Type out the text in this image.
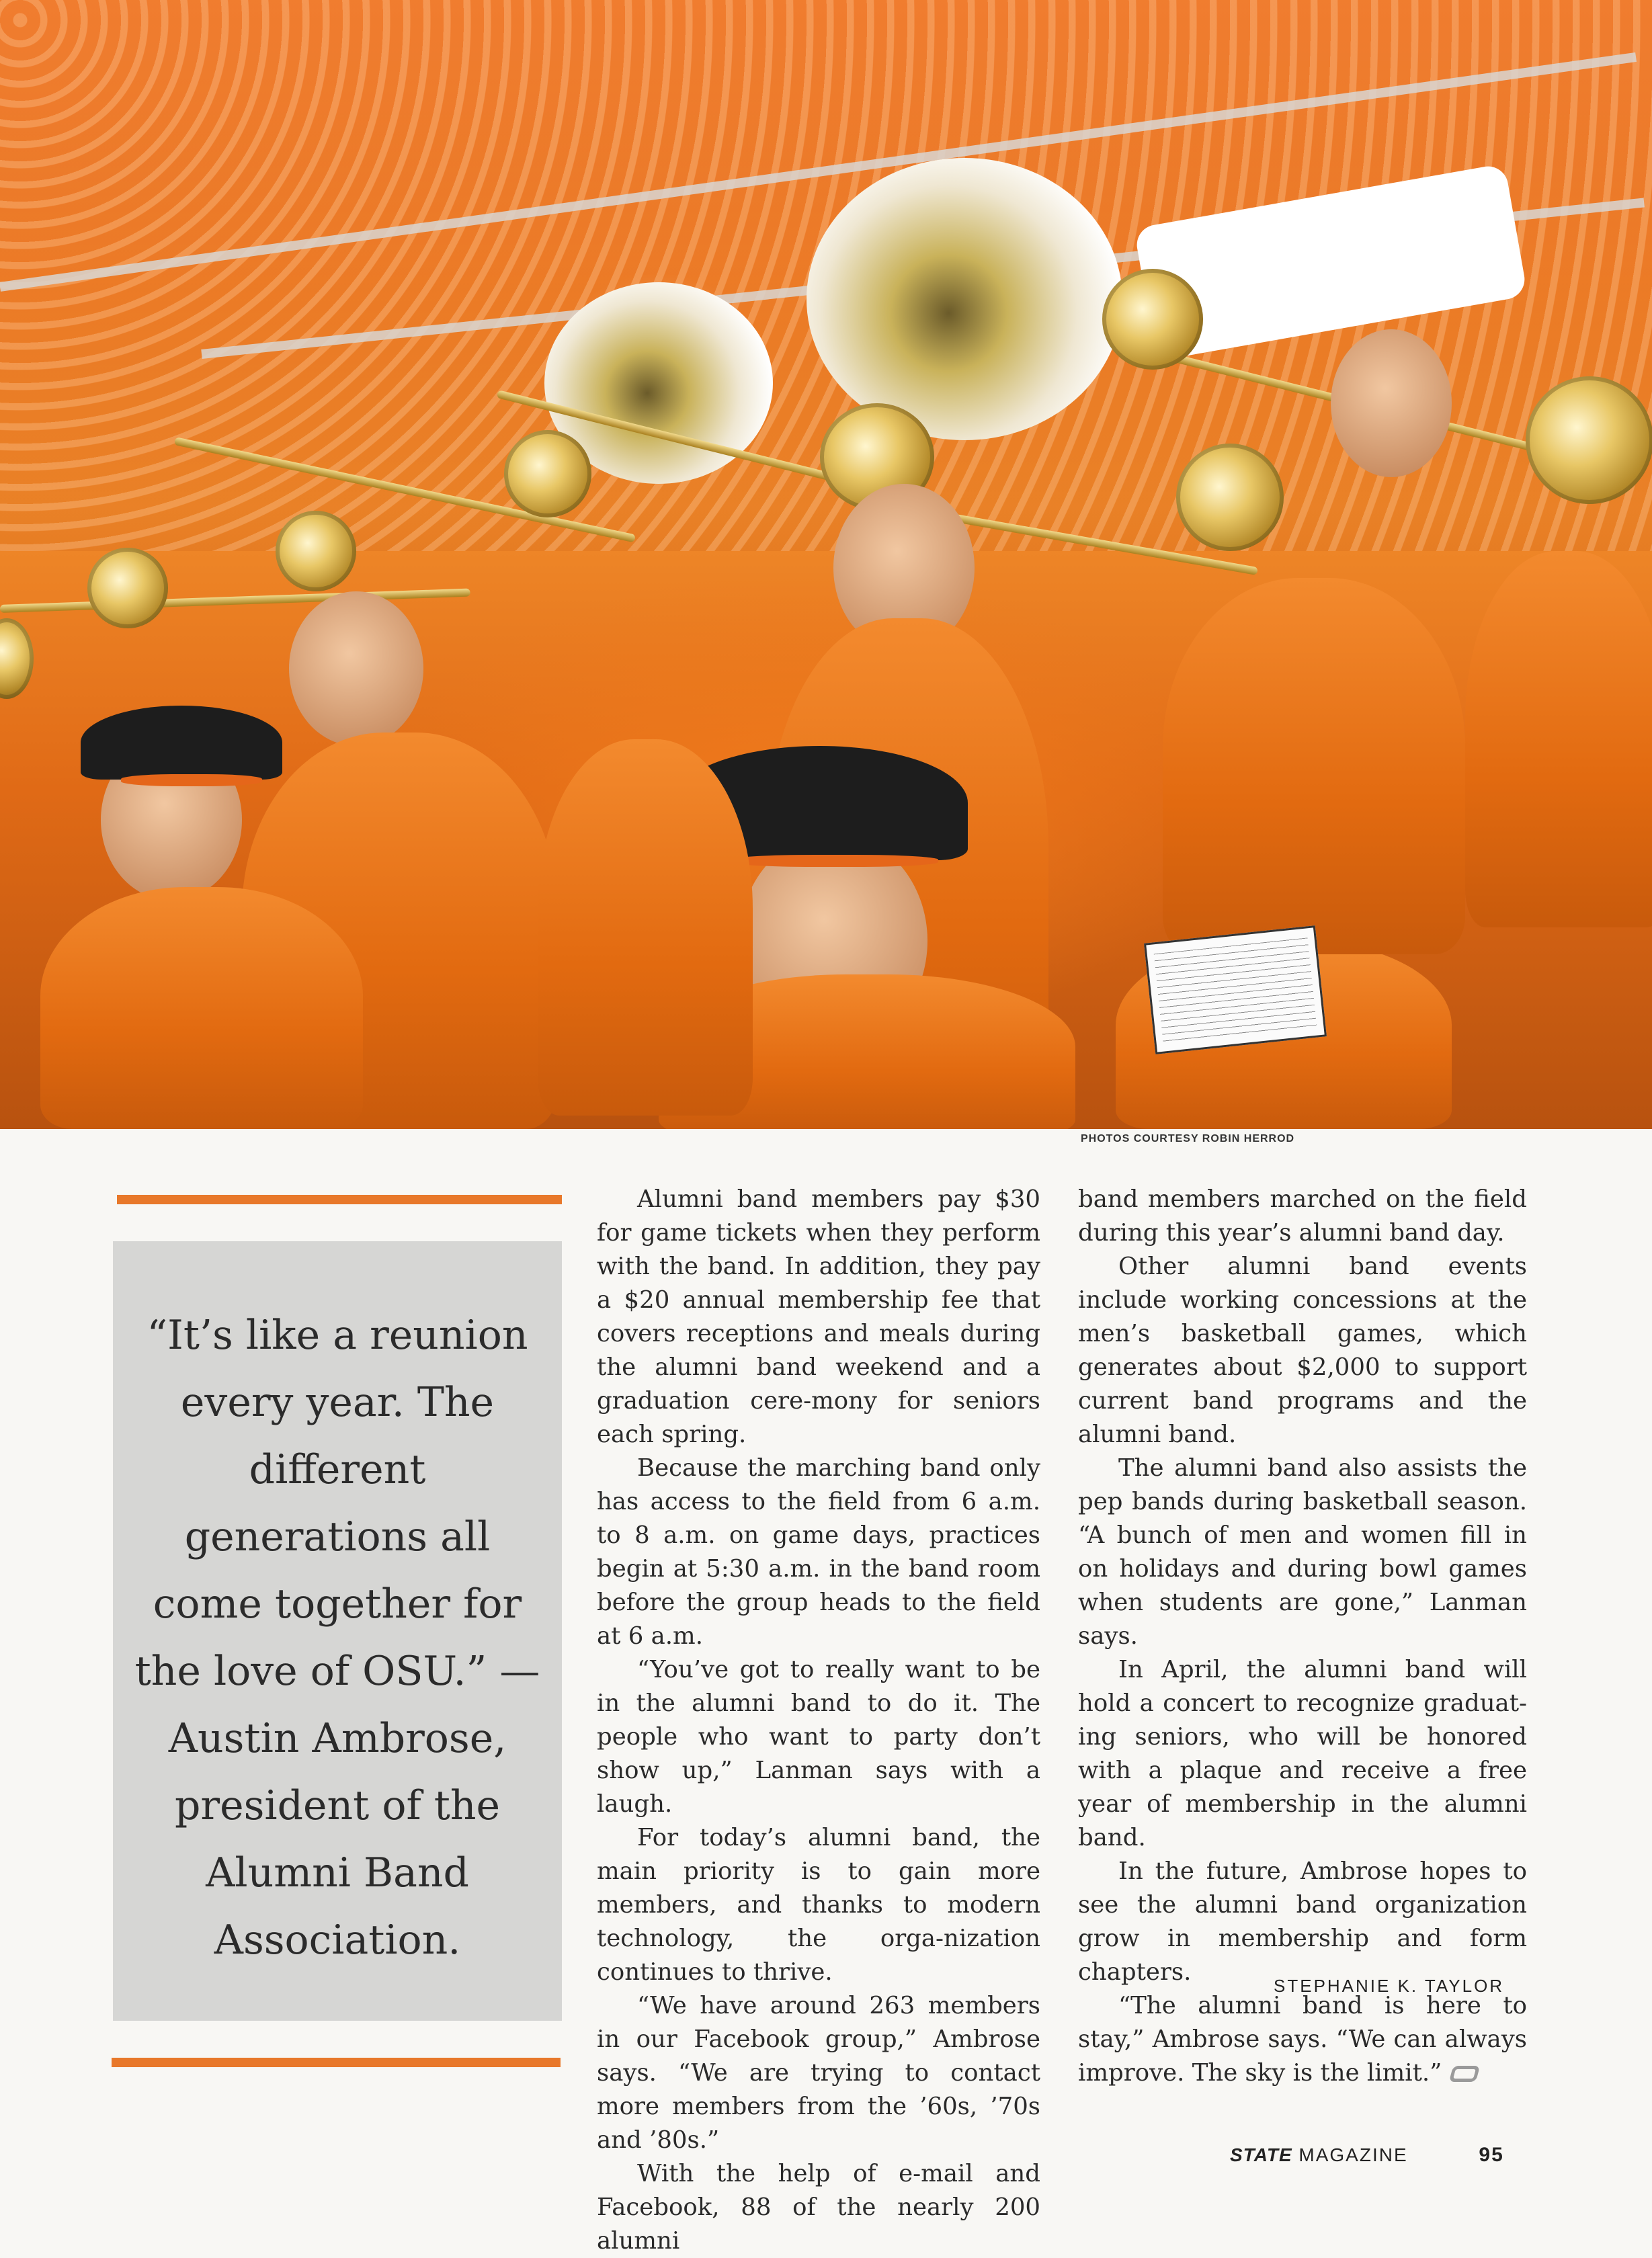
PHOTOS COURTESY ROBIN HERROD
“It’s like a reunion every year. The different generations all come together for the love of OSU.” — Austin Ambrose, president of the Alumni Band Association.

Alumni band members pay $30 for game tickets when they perform with the band. In addition, they pay a $20 annual membership fee that covers receptions and meals during the alumni band weekend and a graduation cere-mony for seniors each spring.

Because the marching band only has access to the field from 6 a.m. to 8 a.m. on game days, practices begin at 5:30 a.m. in the band room before the group heads to the field at 6 a.m.

“You’ve got to really want to be in the alumni band to do it. The people who want to party don’t show up,” Lanman says with a laugh.

For today’s alumni band, the main priority is to gain more members, and thanks to modern technology, the orga-nization continues to thrive.

“We have around 263 members in our Facebook group,” Ambrose says. “We are trying to contact more members from the ’60s, ’70s and ’80s.”

With the help of e-mail and Facebook, 88 of the nearly 200 alumni

band members marched on the field during this year’s alumni band day.

Other alumni band events include working concessions at the men’s basketball games, which generates about $2,000 to support current band programs and the alumni band.

The alumni band also assists the pep bands during basketball season. “A bunch of men and women fill in on holidays and during bowl games when students are gone,” Lanman says.

In April, the alumni band will hold a concert to recognize graduat-ing seniors, who will be honored with a plaque and receive a free year of membership in the alumni band.

In the future, Ambrose hopes to see the alumni band organization grow in membership and form chapters.

“The alumni band is here to stay,” Ambrose says. “We can always improve. The sky is the limit.”

STEPHANIE K. TAYLOR
STATE MAGAZINE	95
